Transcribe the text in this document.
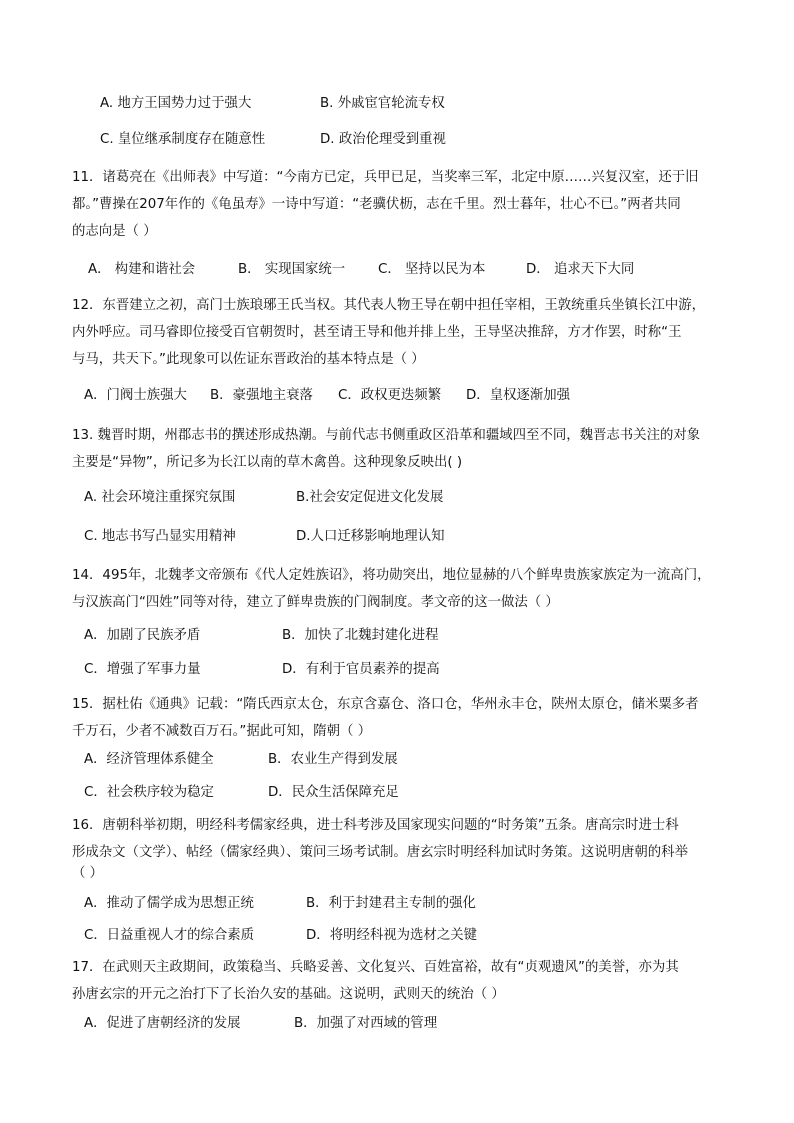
A. 地方王国势力过于强大	B. 外戚宦官轮流专权
C. 皇位继承制度存在随意性	D. 政治伦理受到重视
11．诸葛亮在《出师表》中写道：“今南方已定，兵甲已足，当奖率三军，北定中原……兴复汉室，还于旧
都。”曹操在207年作的《龟虽寿》一诗中写道：“老骥伏枥，志在千里。烈士暮年，壮心不已。”两者共同
的志向是（ ）
A． 构建和谐社会	B． 实现国家统一 C． 坚持以民为本	D． 追求天下大同
12．东晋建立之初，高门士族琅琊王氏当权。其代表人物王导在朝中担任宰相，王敦统重兵坐镇长江中游，
内外呼应。司马睿即位接受百官朝贺时，甚至请王导和他并排上坐，王导坚决推辞，方才作罢，时称“王
与马，共天下。”此现象可以佐证东晋政治的基本特点是（ ）
A．门阀士族强大 B．豪强地主衰落 C．政权更迭频繁 D．皇权逐渐加强
13. 魏晋时期，州郡志书的撰述形成热潮。与前代志书侧重政区沿革和疆域四至不同，魏晋志书关注的对象
主要是“异物”，所记多为长江以南的草木禽兽。这种现象反映出( )
A. 社会环境注重探究氛围	B.社会安定促进文化发展
C. 地志书写凸显实用精神	D.人口迁移影响地理认知
14．495年，北魏孝文帝颁布《代人定姓族诏》，将功勋突出，地位显赫的八个鲜卑贵族家族定为一流高门，
与汉族高门“四姓”同等对待，建立了鲜卑贵族的门阀制度。孝文帝的这一做法（ ）
A．加剧了民族矛盾	B．加快了北魏封建化进程
C．增强了军事力量	D．有利于官员素养的提高
15．据杜佑《通典》记载：“隋氏西京太仓，东京含嘉仓、洛口仓，华州永丰仓，陕州太原仓，储米粟多者
千万石，少者不减数百万石。”据此可知，隋朝（ ）
A．经济管理体系健全	B．农业生产得到发展
C．社会秩序较为稳定	D．民众生活保障充足
16．唐朝科举初期，明经科考儒家经典，进士科考涉及国家现实问题的“时务策”五条。唐高宗时进士科
形成杂文（文学）、帖经（儒家经典）、策问三场考试制。唐玄宗时明经科加试时务策。这说明唐朝的科举
（ ）
A．推动了儒学成为思想正统	B．利于封建君主专制的强化
C．日益重视人才的综合素质	D．将明经科视为选材之关键
17．在武则天主政期间，政策稳当、兵略妥善、文化复兴、百姓富裕，故有“贞观遗风”的美誉，亦为其
孙唐玄宗的开元之治打下了长治久安的基础。这说明，武则天的统治（ ）
A．促进了唐朝经济的发展	B．加强了对西域的管理
